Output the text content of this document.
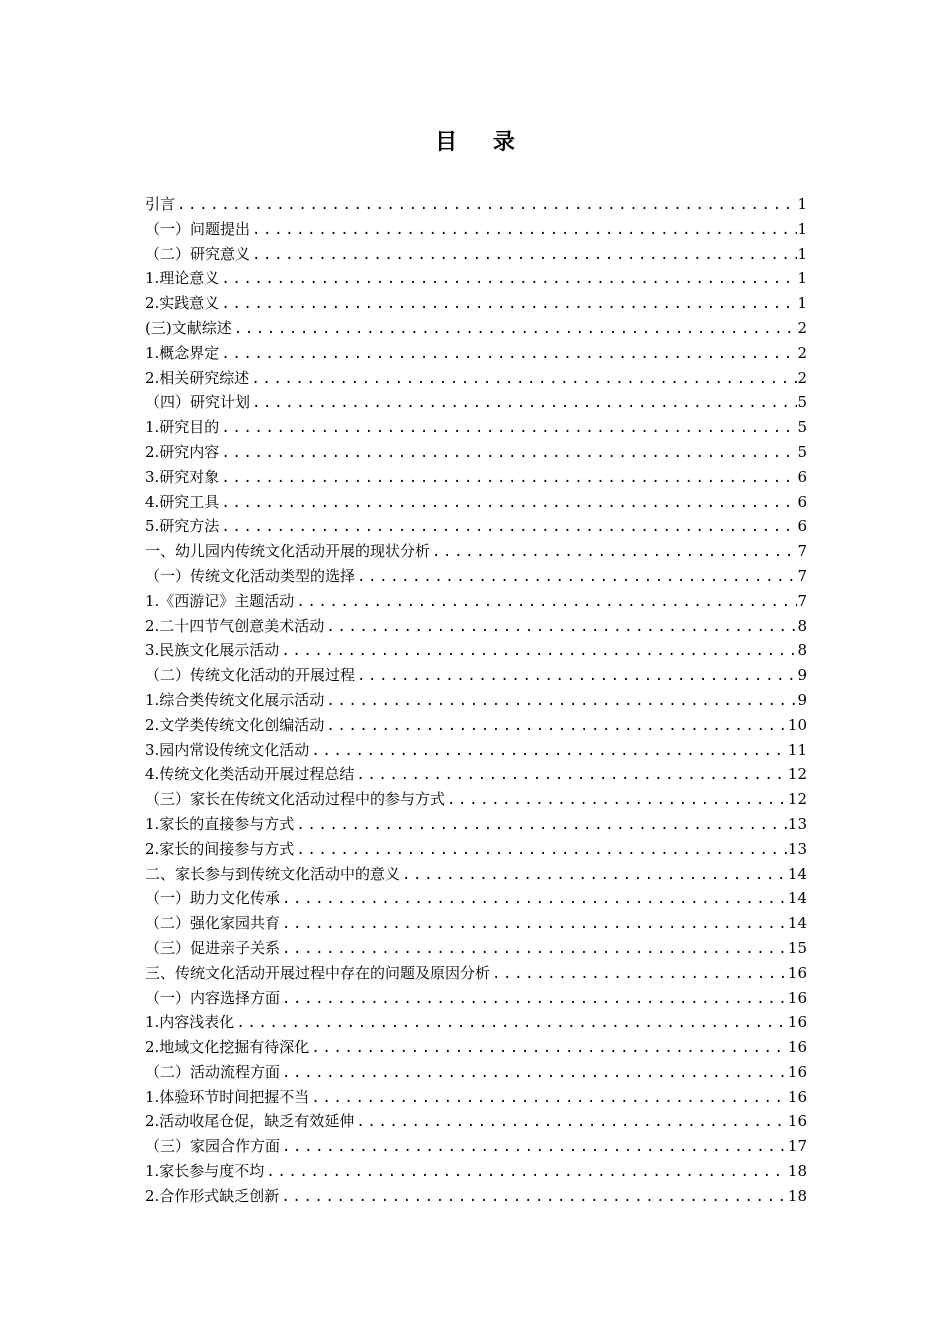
目 录
引言 .....	1
（一）问题提出 .....	1
（二）研究意义 .....	1
1.理论意义 .....	1
2.实践意义 .....	1
(三)文献综述 .....	2
1.概念界定 .....	2
2.相关研究综述 .....	2
（四）研究计划 .....	5
1.研究目的 .....	5
2.研究内容 .....	5
3.研究对象 .....	6
4.研究工具 .....	6
5.研究方法 .....	6
一、幼儿园内传统文化活动开展的现状分析 .....	7
（一）传统文化活动类型的选择 .....	7
1.《西游记》主题活动 .....	7
2.二十四节气创意美术活动 .....	8
3.民族文化展示活动 .....	8
（二）传统文化活动的开展过程 .....	9
1.综合类传统文化展示活动 .....	9
2.文学类传统文化创编活动 .....	10
3.园内常设传统文化活动 .....	11
4.传统文化类活动开展过程总结 .....	12
（三）家长在传统文化活动过程中的参与方式 .....	12
1.家长的直接参与方式 .....	13
2.家长的间接参与方式 .....	13
二、家长参与到传统文化活动中的意义 .....	14
（一）助力文化传承 .....	14
（二）强化家园共育 .....	14
（三）促进亲子关系 .....	15
三、传统文化活动开展过程中存在的问题及原因分析 .....	16
（一）内容选择方面 .....	16
1.内容浅表化 .....	16
2.地域文化挖掘有待深化 .....	16
（二）活动流程方面 .....	16
1.体验环节时间把握不当 .....	16
2.活动收尾仓促，缺乏有效延伸 .....	16
（三）家园合作方面 .....	17
1.家长参与度不均 .....	18
2.合作形式缺乏创新 .....	18
